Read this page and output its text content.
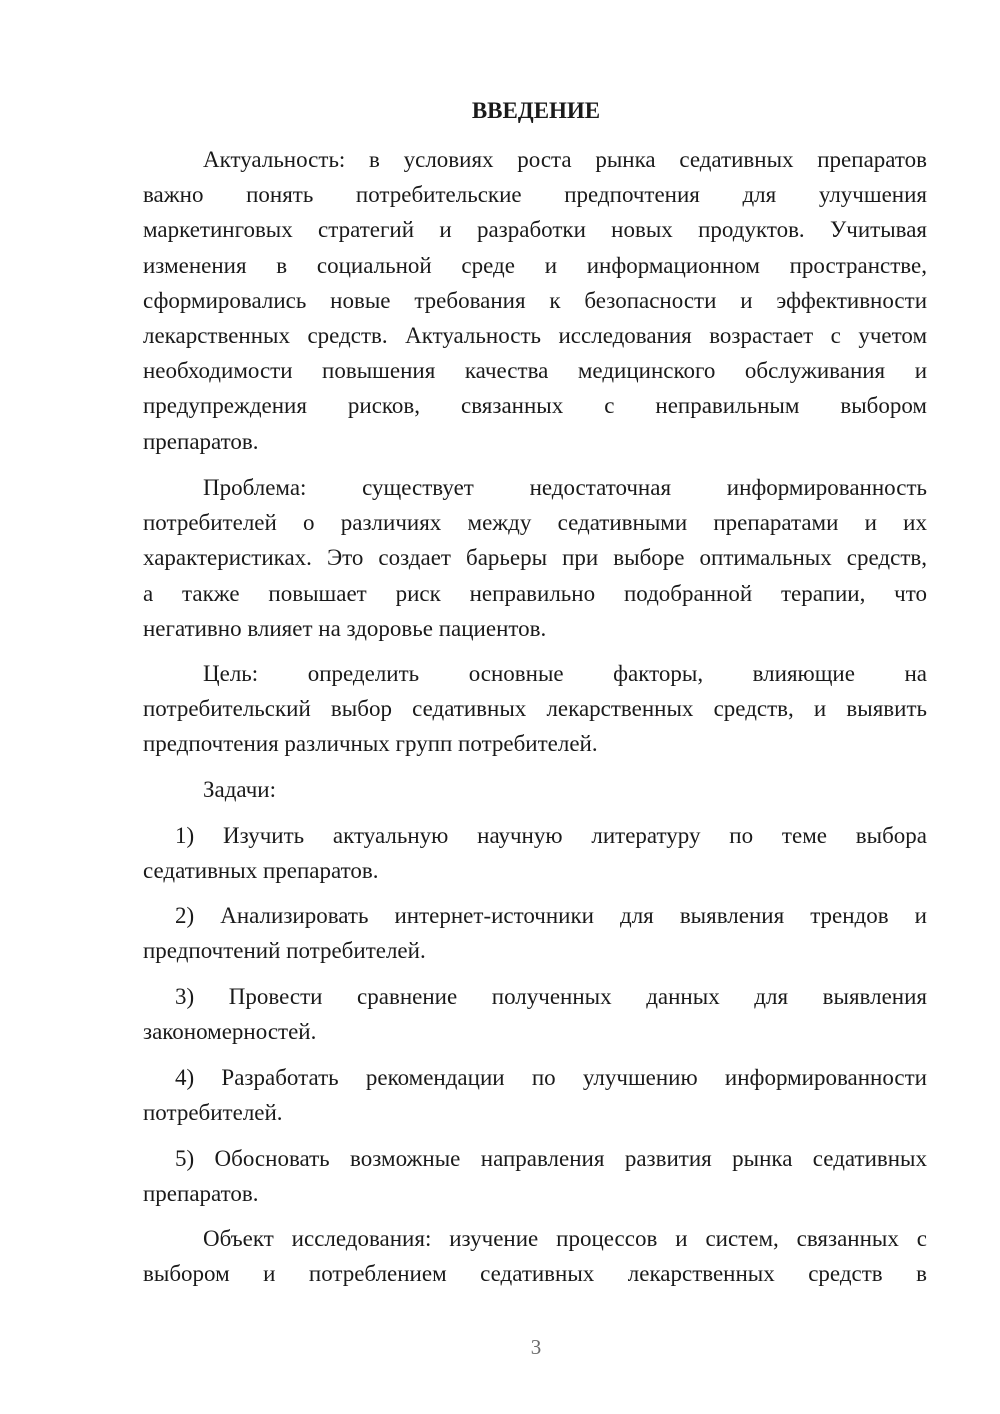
ВВЕДЕНИЕ
Актуальность: в условиях роста рынка седативных препаратов
важно понять потребительские предпочтения для улучшения
маркетинговых стратегий и разработки новых продуктов. Учитывая
изменения в социальной среде и информационном пространстве,
сформировались новые требования к безопасности и эффективности
лекарственных средств. Актуальность исследования возрастает с учетом
необходимости повышения качества медицинского обслуживания и
предупреждения рисков, связанных с неправильным выбором
препаратов.
Проблема: существует недостаточная информированность
потребителей о различиях между седативными препаратами и их
характеристиках. Это создает барьеры при выборе оптимальных средств,
а также повышает риск неправильно подобранной терапии, что
негативно влияет на здоровье пациентов.
Цель: определить основные факторы, влияющие на
потребительский выбор седативных лекарственных средств, и выявить
предпочтения различных групп потребителей.
Задачи:
1) Изучить актуальную научную литературу по теме выбора
седативных препаратов.
2) Анализировать интернет-источники для выявления трендов и
предпочтений потребителей.
3) Провести сравнение полученных данных для выявления
закономерностей.
4) Разработать рекомендации по улучшению информированности
потребителей.
5) Обосновать возможные направления развития рынка седативных
препаратов.
Объект исследования: изучение процессов и систем, связанных с
выбором и потреблением седативных лекарственных средств в
3
